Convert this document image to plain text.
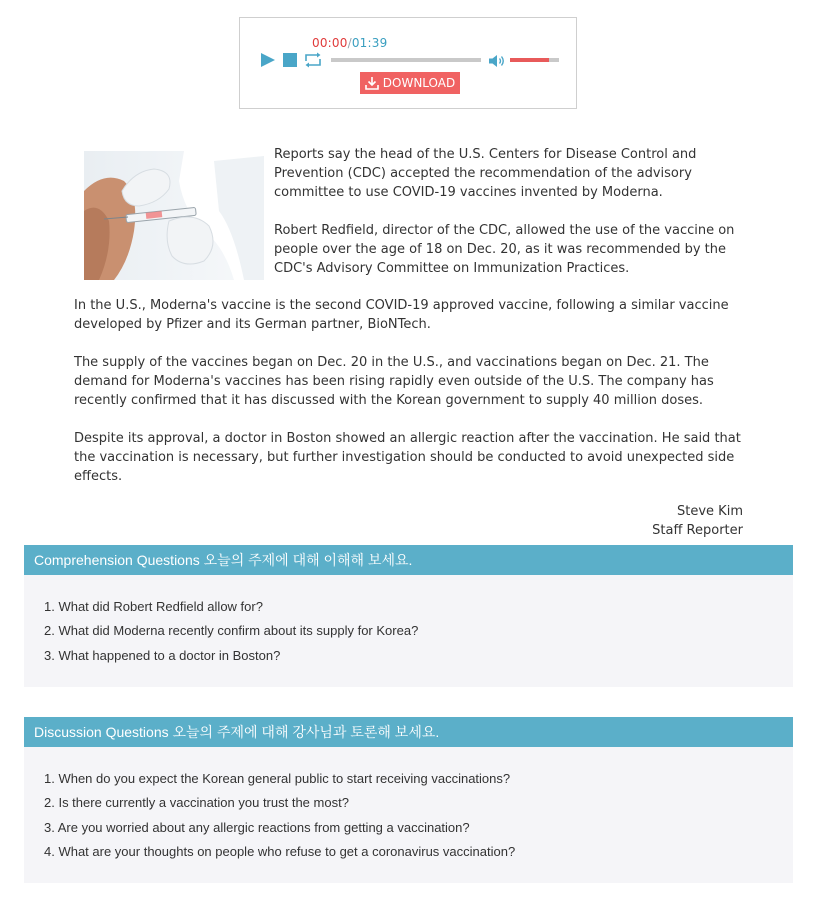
00:00/01:39
DOWNLOAD

Reports say the head of the U.S. Centers for Disease Control and Prevention (CDC) accepted the recommendation of the advisory committee to use COVID-19 vaccines invented by Moderna.

Robert Redfield, director of the CDC, allowed the use of the vaccine on people over the age of 18 on Dec. 20, as it was recommended by the CDC's Advisory Committee on Immunization Practices.

In the U.S., Moderna's vaccine is the second COVID-19 approved vaccine, following a similar vaccine developed by Pfizer and its German partner, BioNTech.

The supply of the vaccines began on Dec. 20 in the U.S., and vaccinations began on Dec. 21. The demand for Moderna's vaccines has been rising rapidly even outside of the U.S. The company has recently confirmed that it has discussed with the Korean government to supply 40 million doses.

Despite its approval, a doctor in Boston showed an allergic reaction after the vaccination. He said that the vaccination is necessary, but further investigation should be conducted to avoid unexpected side effects.

Steve Kim
Staff Reporter
Comprehension Questions 오늘의 주제에 대해 이해해 보세요.
1. What did Robert Redfield allow for?
2. What did Moderna recently confirm about its supply for Korea?
3. What happened to a doctor in Boston?
Discussion Questions 오늘의 주제에 대해 강사님과 토론해 보세요.
1. When do you expect the Korean general public to start receiving vaccinations?
2. Is there currently a vaccination you trust the most?
3. Are you worried about any allergic reactions from getting a vaccination?
4. What are your thoughts on people who refuse to get a coronavirus vaccination?
